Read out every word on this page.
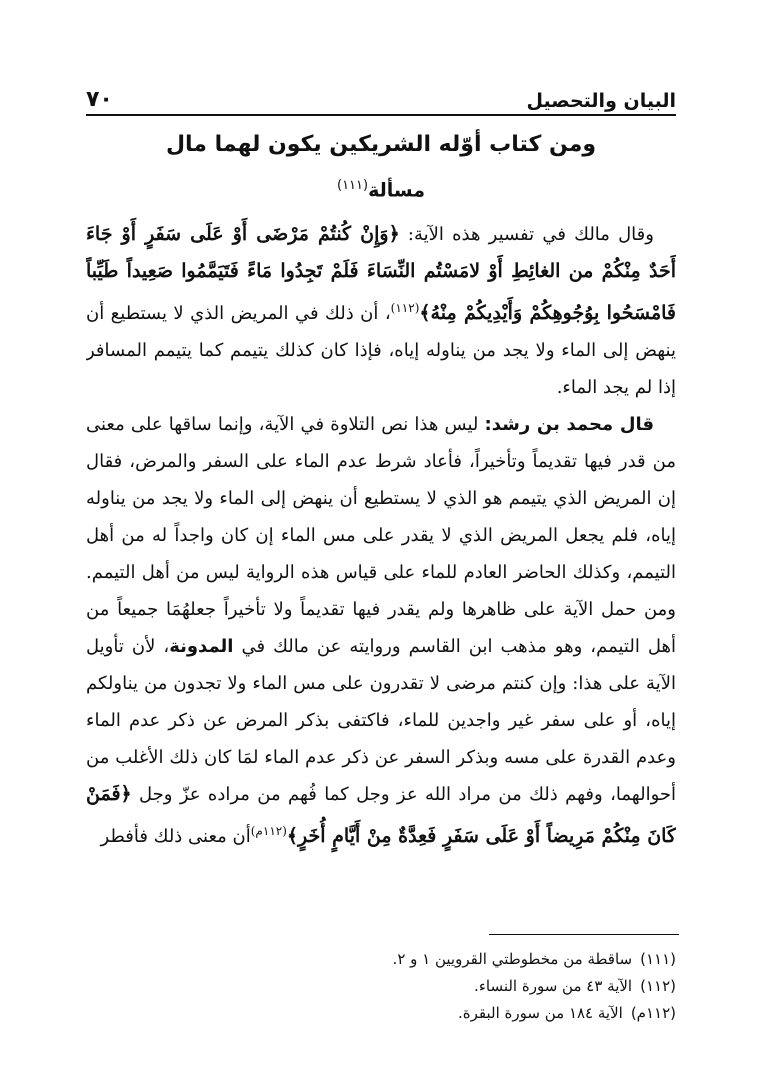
البيان والتحصيل
٧٠
ومن كتاب أوّله الشريكين يكون لهما مال
مسألة$^{(١١١)}$

وقال مالك في تفسير هذه الآية: ﴿وَإِنْ كُنتُمْ مَرْضَى أَوْ عَلَى سَفَرٍ أَوْ جَاءَ أَحَدٌ مِنْكُمْ من الغائِطِ أَوْ لامَسْتُم النِّسَاءَ فَلَمْ تَجِدُوا مَاءً فَتَيَمَّمُوا صَعِيداً طَيِّباً فَامْسَحُوا بِوُجُوهِكُمْ وَأَيْدِيكُمْ مِنْهُ﴾$^{(١١٢)}$، أن ذلك في المريض الذي لا يستطيع أن ينهض إلى الماء ولا يجد من يناوله إياه، فإذا كان كذلك يتيمم كما يتيمم المسافر إذا لم يجد الماء.

قال محمد بن رشد: ليس هذا نص التلاوة في الآية، وإنما ساقها على معنى من قدر فيها تقديماً وتأخيراً، فأعاد شرط عدم الماء على السفر والمرض، فقال إن المريض الذي يتيمم هو الذي لا يستطيع أن ينهض إلى الماء ولا يجد من يناوله إياه، فلم يجعل المريض الذي لا يقدر على مس الماء إن كان واجداً له من أهل التيمم، وكذلك الحاضر العادم للماء على قياس هذه الرواية ليس من أهل التيمم. ومن حمل الآية على ظاهرها ولم يقدر فيها تقديماً ولا تأخيراً جعلهُمَا جميعاً من أهل التيمم، وهو مذهب ابن القاسم وروايته عن مالك في المدونة، لأن تأويل الآية على هذا: وإن كنتم مرضى لا تقدرون على مس الماء ولا تجدون من يناولكم إياه، أو على سفر غير واجدين للماء، فاكتفى بذكر المرض عن ذكر عدم الماء وعدم القدرة على مسه وبذكر السفر عن ذكر عدم الماء لمَا كان ذلك الأغلب من أحوالهما، وفهم ذلك من مراد الله عز وجل كما فُهم من مراده عزّ وجل ﴿فَمَنْ كَانَ مِنْكُمْ مَرِيضاً أَوْ عَلَى سَفَرٍ فَعِدَّةٌ مِنْ أَيَّامٍ أُخَرٍ﴾$^{(١١٢م)}$أن معنى ذلك فأفطر

(١١١)ساقطة من مخطوطتي القرويين ١ و ٢.
(١١٢)الآية ٤٣ من سورة النساء.
(١١٢م)الآية ١٨٤ من سورة البقرة.
